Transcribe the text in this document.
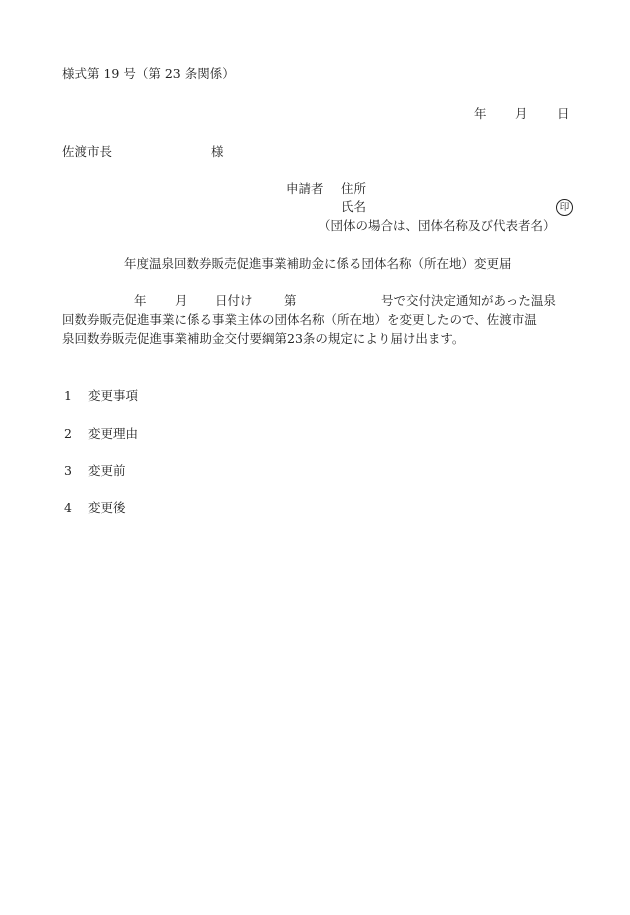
様式第 19 号（第 23 条関係）
年 月 日
佐渡市長	様
申請者 住所
氏名	印
（団体の場合は、団体名称及び代表者名）
年度温泉回数券販売促進事業補助金に係る団体名称（所在地）変更届
年 月 日付け	第	号で交付決定通知があった温泉
回数券販売促進事業に係る事業主体の団体名称（所在地）を変更したので、佐渡市温
泉回数券販売促進事業補助金交付要綱第23条の規定により届け出ます。
1 変更事項
2 変更理由
3 変更前
4 変更後
